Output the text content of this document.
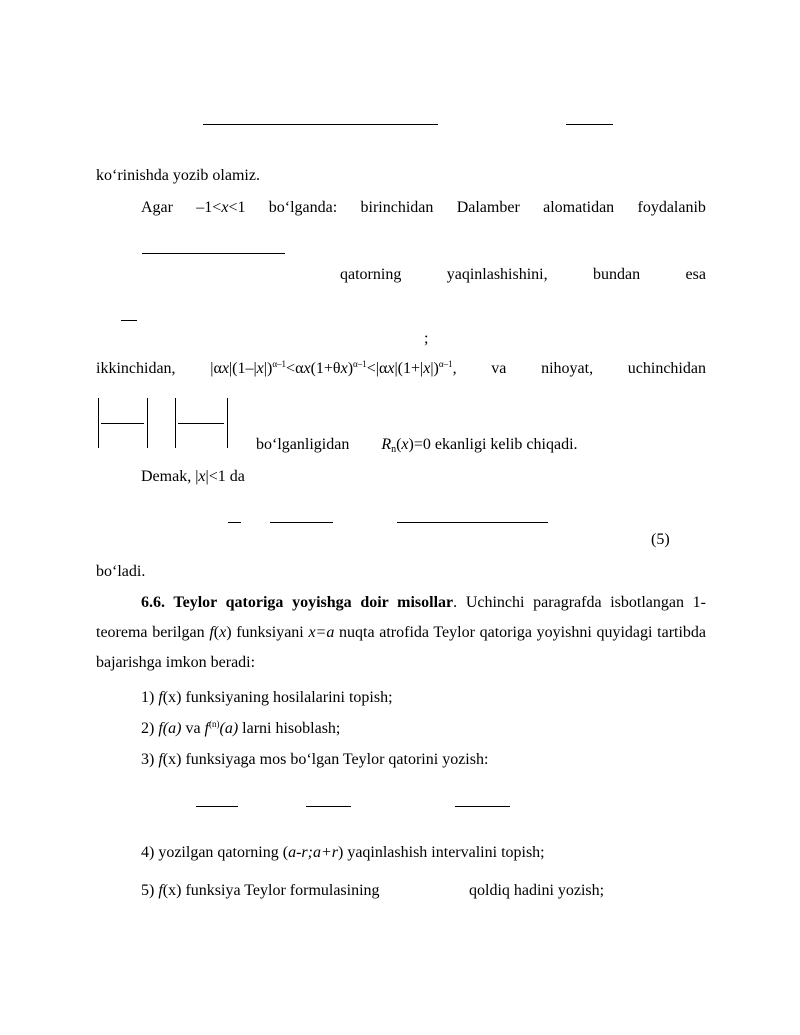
koʻrinishda yozib olamiz.
Agar –1<x<1 boʻlganda: birinchidan Dalamber alomatidan foydalanib
qatorning	yaqinlashishini,	bundan	esa
;
ikkinchidan, $|\alpha x|(1-|x|)^{\alpha-1}<\alpha x(1+\theta x)^{\alpha-1}<|\alpha x|(1+|x|)^{\alpha-1}$, va nihoyat, uchinchidan
boʻlganligidan $R_n(x)=0$ ekanligi kelib chiqadi.
Demak, |x|<1 da
(5)
boʻladi.
6.6. Teylor qatoriga yoyishga doir misollar. Uchinchi paragrafda isbotlangan 1-teorema berilgan f(x) funksiyani x=a nuqta atrofida Teylor qatoriga yoyishni quyidagi tartibda bajarishga imkon beradi:
1) f(x) funksiyaning hosilalarini topish;
2) f(a) va $f^{(n)}(a)$ larni hisoblash;
3) f(x) funksiyaga mos boʻlgan Teylor qatorini yozish:
4) yozilgan qatorning (a-r;a+r) yaqinlashish intervalini topish;
5) f(x) funksiya Teylor formulasining	qoldiq hadini yozish;
